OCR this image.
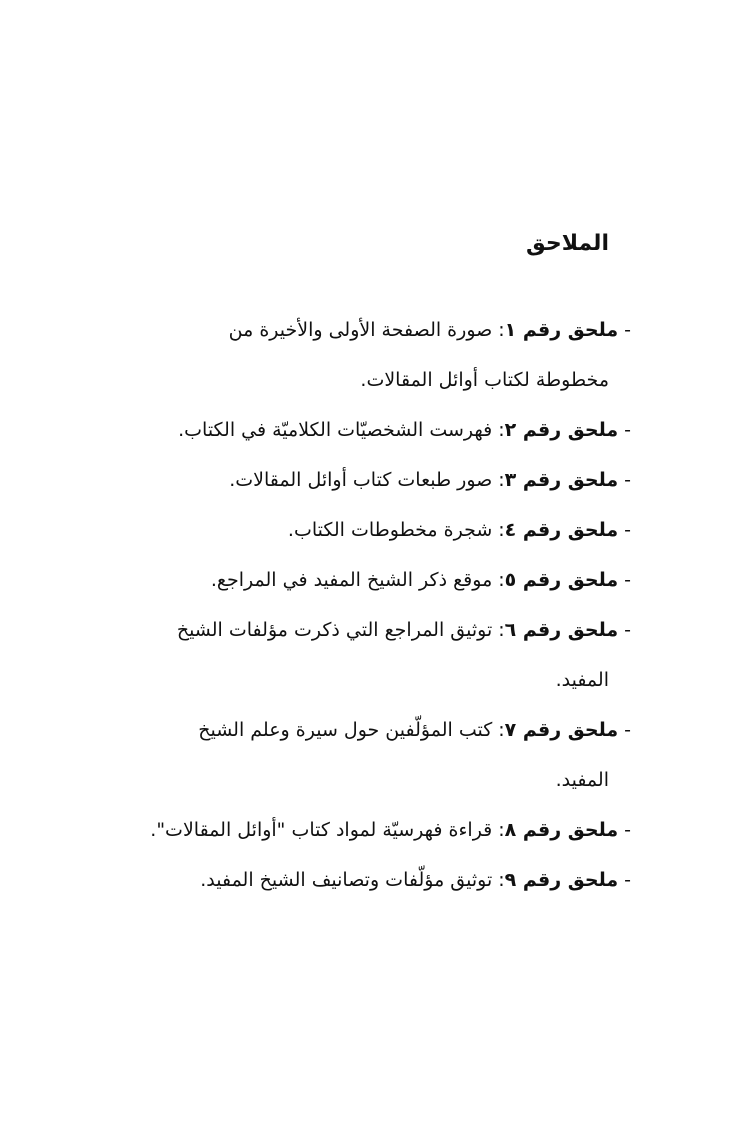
الملاحق
-ملحق رقم ١:صورة الصفحة الأولى والأخيرة من
مخطوطة لكتاب أوائل المقالات.
-ملحق رقم ٢:فهرست الشخصيّات الكلاميّة في الكتاب.
-ملحق رقم ٣:صور طبعات كتاب أوائل المقالات.
-ملحق رقم ٤:شجرة مخطوطات الكتاب.
-ملحق رقم ٥:موقع ذكر الشيخ المفيد في المراجع.
-ملحق رقم ٦:توثيق المراجع التي ذكرت مؤلفات الشيخ
المفيد.
-ملحق رقم ٧:كتب المؤلّفين حول سيرة وعلم الشيخ
المفيد.
-ملحق رقم ٨:قراءة فهرسيّة لمواد كتاب "أوائل المقالات".
-ملحق رقم ٩:توثيق مؤلّفات وتصانيف الشيخ المفيد.
